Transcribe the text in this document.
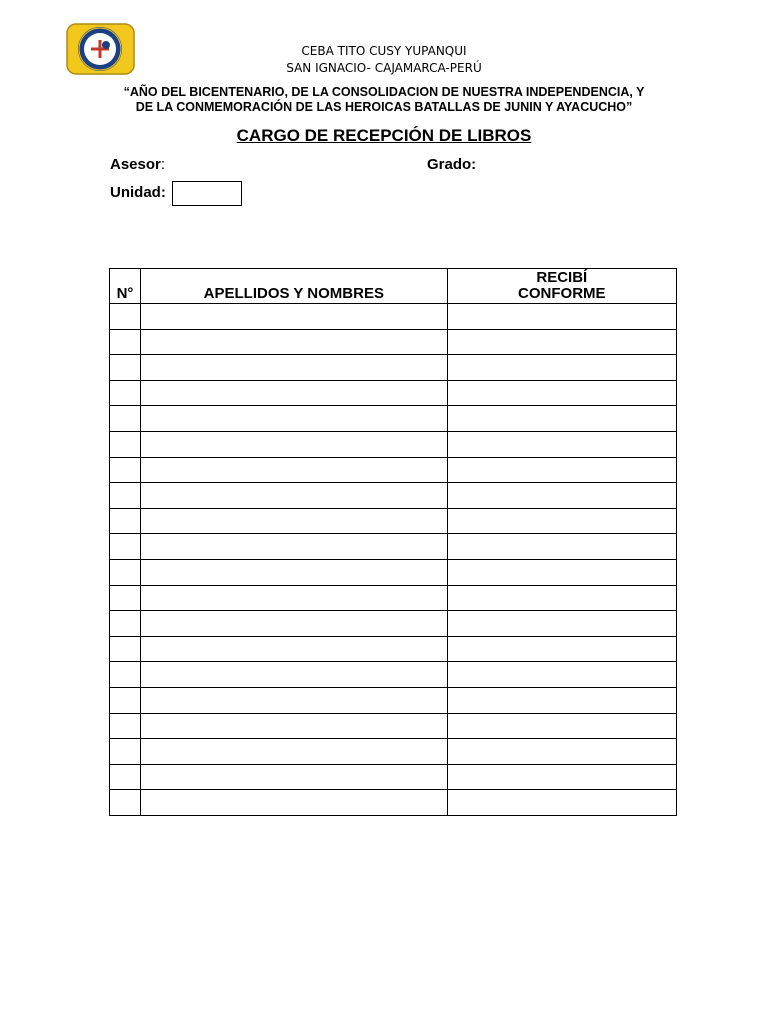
CEBA TITO CUSY YUPANQUI
SAN IGNACIO- CAJAMARCA-PERÚ
“AÑO DEL BICENTENARIO, DE LA CONSOLIDACION DE NUESTRA INDEPENDENCIA, Y
DE LA CONMEMORACIÓN DE LAS HEROICAS BATALLAS DE JUNIN Y AYACUCHO”
CARGO DE RECEPCIÓN DE LIBROS
Asesor:	Grado:
Unidad:
N°	APELLIDOS Y NOMBRES	RECIBÍ
CONFORME
